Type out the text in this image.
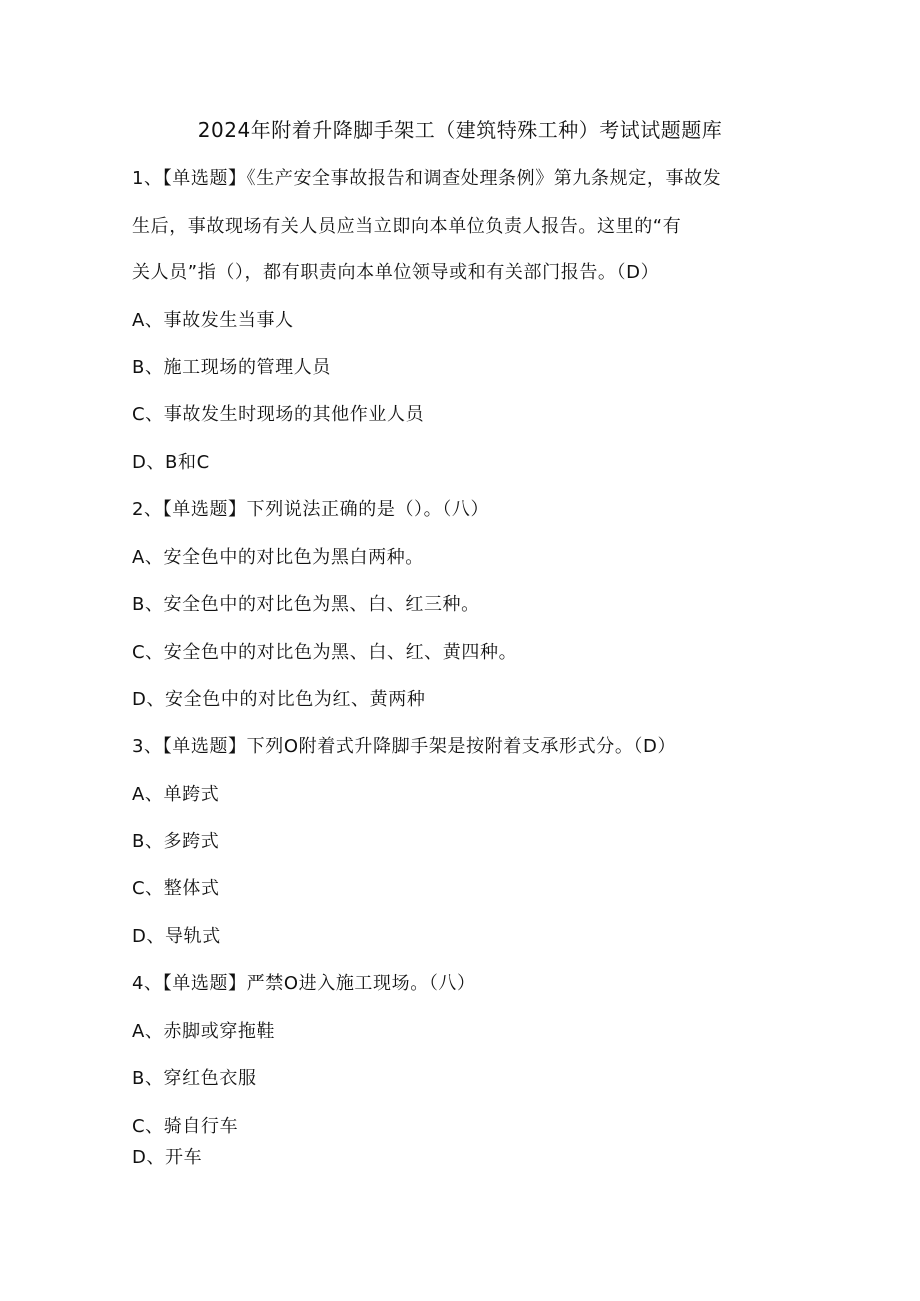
2024年附着升降脚手架工（建筑特殊工种）考试试题题库
1、【单选题】《生产安全事故报告和调查处理条例》第九条规定，事故发
生后，事故现场有关人员应当立即向本单位负责人报告。这里的“有
关人员”指（），都有职责向本单位领导或和有关部门报告。（D）
A、事故发生当事人
B、施工现场的管理人员
C、事故发生时现场的其他作业人员
D、B和C
2、【单选题】下列说法正确的是（）。（八）
A、安全色中的对比色为黑白两种。
B、安全色中的对比色为黑、白、红三种。
C、安全色中的对比色为黑、白、红、黄四种。
D、安全色中的对比色为红、黄两种
3、【单选题】下列O附着式升降脚手架是按附着支承形式分。（D）
A、单跨式
B、多跨式
C、整体式
D、导轨式
4、【单选题】严禁O进入施工现场。（八）
A、赤脚或穿拖鞋
B、穿红色衣服
C、骑自行车
D、开车
